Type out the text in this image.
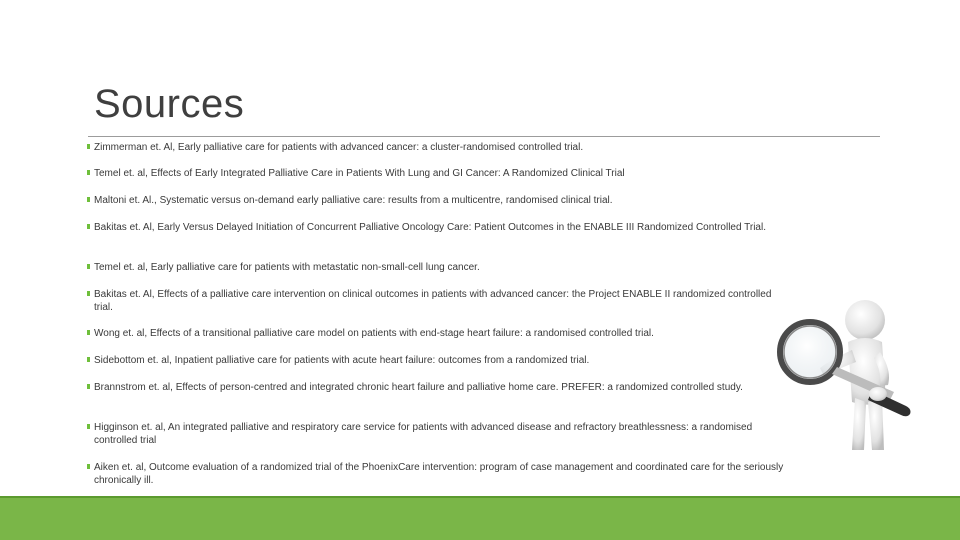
Sources
Zimmerman et. Al, Early palliative care for patients with advanced cancer: a cluster-randomised controlled trial.
Temel et. al, Effects of Early Integrated Palliative Care in Patients With Lung and GI Cancer: A Randomized Clinical Trial
Maltoni et. Al., Systematic versus on-demand early palliative care: results from a multicentre, randomised clinical trial.
Bakitas et. Al, Early Versus Delayed Initiation of Concurrent Palliative Oncology Care: Patient Outcomes in the ENABLE III Randomized Controlled Trial.
Temel et. al, Early palliative care for patients with metastatic non-small-cell lung cancer.
Bakitas et. Al, Effects of a palliative care intervention on clinical outcomes in patients with advanced cancer: the Project ENABLE II randomized controlled trial.
Wong et. al, Effects of a transitional palliative care model on patients with end-stage heart failure: a randomised controlled trial.
Sidebottom et. al, Inpatient palliative care for patients with acute heart failure: outcomes from a randomized trial.
Brannstrom et. al, Effects of person-centred and integrated chronic heart failure and palliative home care. PREFER: a randomized controlled study.
Higginson et. al, An integrated palliative and respiratory care service for patients with advanced disease and refractory breathlessness: a randomised controlled trial
Aiken et. al, Outcome evaluation of a randomized trial of the PhoenixCare intervention: program of case management and coordinated care for the seriously chronically ill.
